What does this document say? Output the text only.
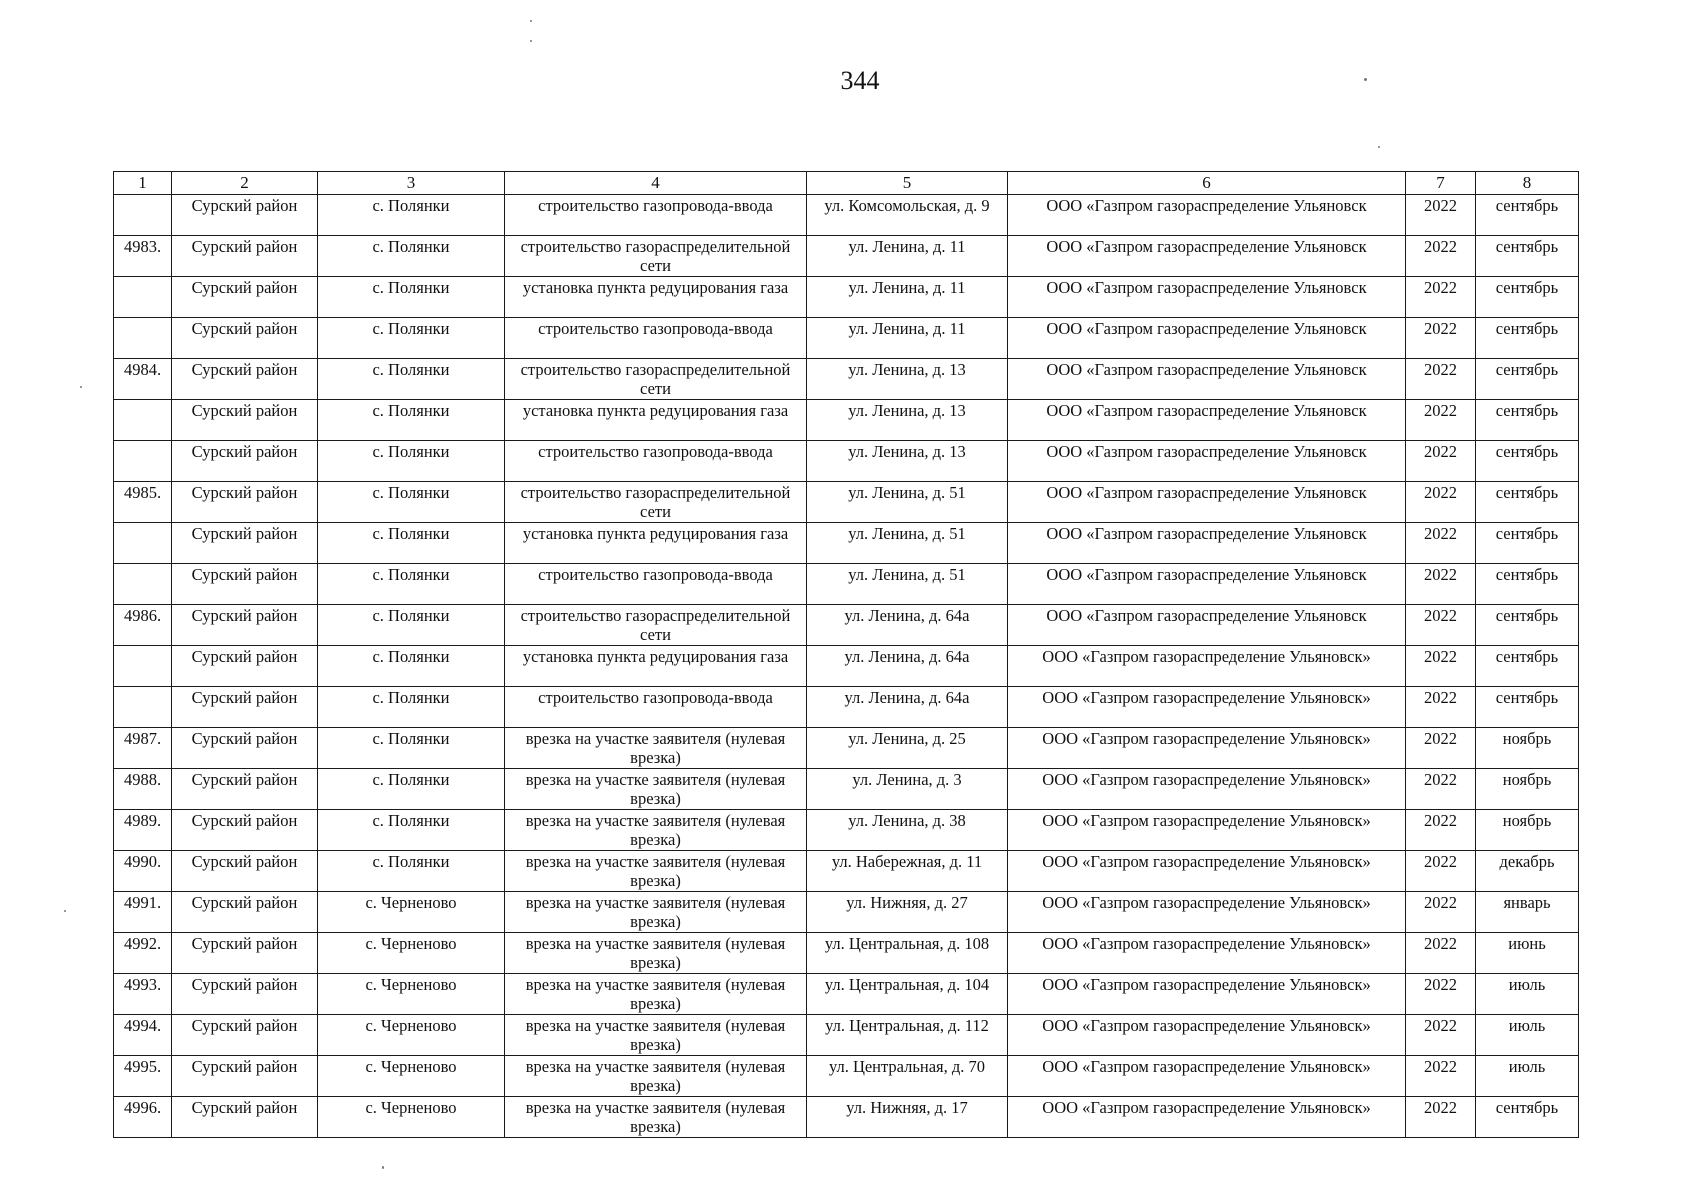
344
1	2	3	4	5	6	7	8
	Сурский район	с. Полянки	строительство газопровода-ввода	ул. Комсомольская, д. 9	ООО «Газпром газораспределение Ульяновск	2022	сентябрь
4983.	Сурский район	с. Полянки	строительство газораспределительной сети	ул. Ленина, д. 11	ООО «Газпром газораспределение Ульяновск	2022	сентябрь
	Сурский район	с. Полянки	установка пункта редуцирования газа	ул. Ленина, д. 11	ООО «Газпром газораспределение Ульяновск	2022	сентябрь
	Сурский район	с. Полянки	строительство газопровода-ввода	ул. Ленина, д. 11	ООО «Газпром газораспределение Ульяновск	2022	сентябрь
4984.	Сурский район	с. Полянки	строительство газораспределительной сети	ул. Ленина, д. 13	ООО «Газпром газораспределение Ульяновск	2022	сентябрь
	Сурский район	с. Полянки	установка пункта редуцирования газа	ул. Ленина, д. 13	ООО «Газпром газораспределение Ульяновск	2022	сентябрь
	Сурский район	с. Полянки	строительство газопровода-ввода	ул. Ленина, д. 13	ООО «Газпром газораспределение Ульяновск	2022	сентябрь
4985.	Сурский район	с. Полянки	строительство газораспределительной сети	ул. Ленина, д. 51	ООО «Газпром газораспределение Ульяновск	2022	сентябрь
	Сурский район	с. Полянки	установка пункта редуцирования газа	ул. Ленина, д. 51	ООО «Газпром газораспределение Ульяновск	2022	сентябрь
	Сурский район	с. Полянки	строительство газопровода-ввода	ул. Ленина, д. 51	ООО «Газпром газораспределение Ульяновск	2022	сентябрь
4986.	Сурский район	с. Полянки	строительство газораспределительной сети	ул. Ленина, д. 64а	ООО «Газпром газораспределение Ульяновск	2022	сентябрь
	Сурский район	с. Полянки	установка пункта редуцирования газа	ул. Ленина, д. 64а	ООО «Газпром газораспределение Ульяновск»	2022	сентябрь
	Сурский район	с. Полянки	строительство газопровода-ввода	ул. Ленина, д. 64а	ООО «Газпром газораспределение Ульяновск»	2022	сентябрь
4987.	Сурский район	с. Полянки	врезка на участке заявителя (нулевая врезка)	ул. Ленина, д. 25	ООО «Газпром газораспределение Ульяновск»	2022	ноябрь
4988.	Сурский район	с. Полянки	врезка на участке заявителя (нулевая врезка)	ул. Ленина, д. 3	ООО «Газпром газораспределение Ульяновск»	2022	ноябрь
4989.	Сурский район	с. Полянки	врезка на участке заявителя (нулевая врезка)	ул. Ленина, д. 38	ООО «Газпром газораспределение Ульяновск»	2022	ноябрь
4990.	Сурский район	с. Полянки	врезка на участке заявителя (нулевая врезка)	ул. Набережная, д. 11	ООО «Газпром газораспределение Ульяновск»	2022	декабрь
4991.	Сурский район	с. Черненово	врезка на участке заявителя (нулевая врезка)	ул. Нижняя, д. 27	ООО «Газпром газораспределение Ульяновск»	2022	январь
4992.	Сурский район	с. Черненово	врезка на участке заявителя (нулевая врезка)	ул. Центральная, д. 108	ООО «Газпром газораспределение Ульяновск»	2022	июнь
4993.	Сурский район	с. Черненово	врезка на участке заявителя (нулевая врезка)	ул. Центральная, д. 104	ООО «Газпром газораспределение Ульяновск»	2022	июль
4994.	Сурский район	с. Черненово	врезка на участке заявителя (нулевая врезка)	ул. Центральная, д. 112	ООО «Газпром газораспределение Ульяновск»	2022	июль
4995.	Сурский район	с. Черненово	врезка на участке заявителя (нулевая врезка)	ул. Центральная, д. 70	ООО «Газпром газораспределение Ульяновск»	2022	июль
4996.	Сурский район	с. Черненово	врезка на участке заявителя (нулевая врезка)	ул. Нижняя, д. 17	ООО «Газпром газораспределение Ульяновск»	2022	сентябрь
